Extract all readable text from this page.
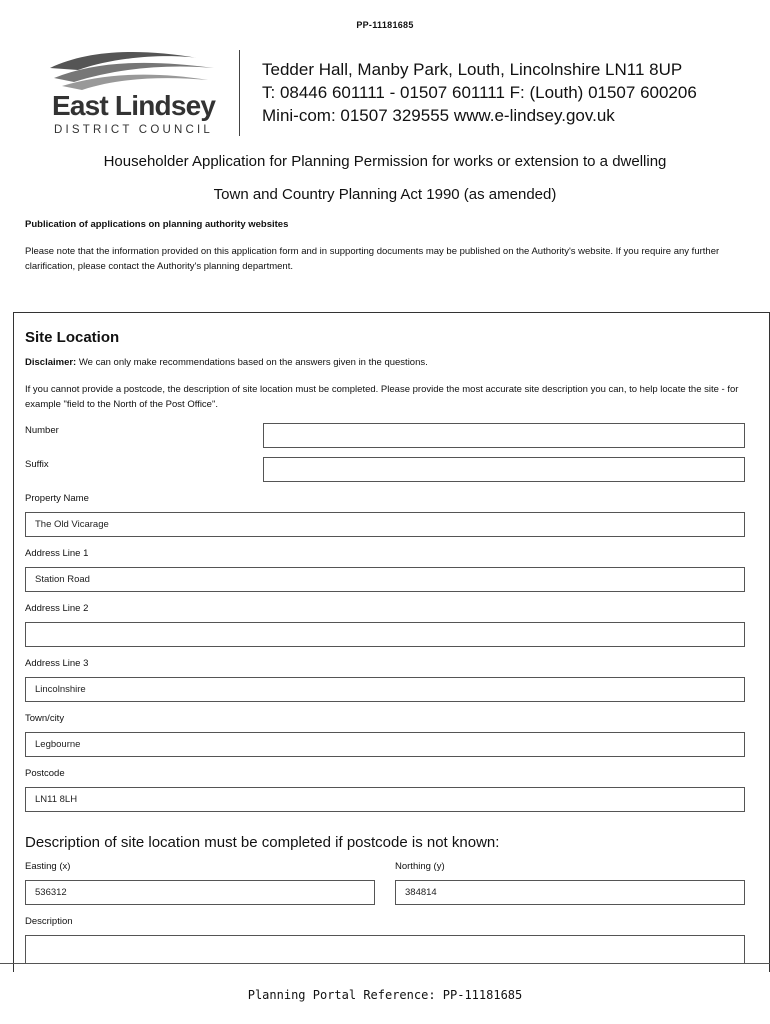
PP-11181685
East Lindsey
DISTRICT COUNCIL
Tedder Hall, Manby Park, Louth, Lincolnshire LN11 8UP
T: 08446 601111 - 01507 601111 F: (Louth) 01507 600206
Mini-com: 01507 329555 www.e-lindsey.gov.uk
Householder Application for Planning Permission for works or extension to a dwelling
Town and Country Planning Act 1990 (as amended)
Publication of applications on planning authority websites
Please note that the information provided on this application form and in supporting documents may be published on the Authority's website. If you require any further clarification, please contact the Authority's planning department.
Site Location
Disclaimer: We can only make recommendations based on the answers given in the questions.
If you cannot provide a postcode, the description of site location must be completed. Please provide the most accurate site description you can, to help locate the site - for example "field to the North of the Post Office".
Number
Suffix
Property Name
The Old Vicarage
Address Line 1
Station Road
Address Line 2
Address Line 3
Lincolnshire
Town/city
Legbourne
Postcode
LN11 8LH
Description of site location must be completed if postcode is not known:
Easting (x)
536312
Northing (y)
384814
Description
Planning Portal Reference: PP-11181685
